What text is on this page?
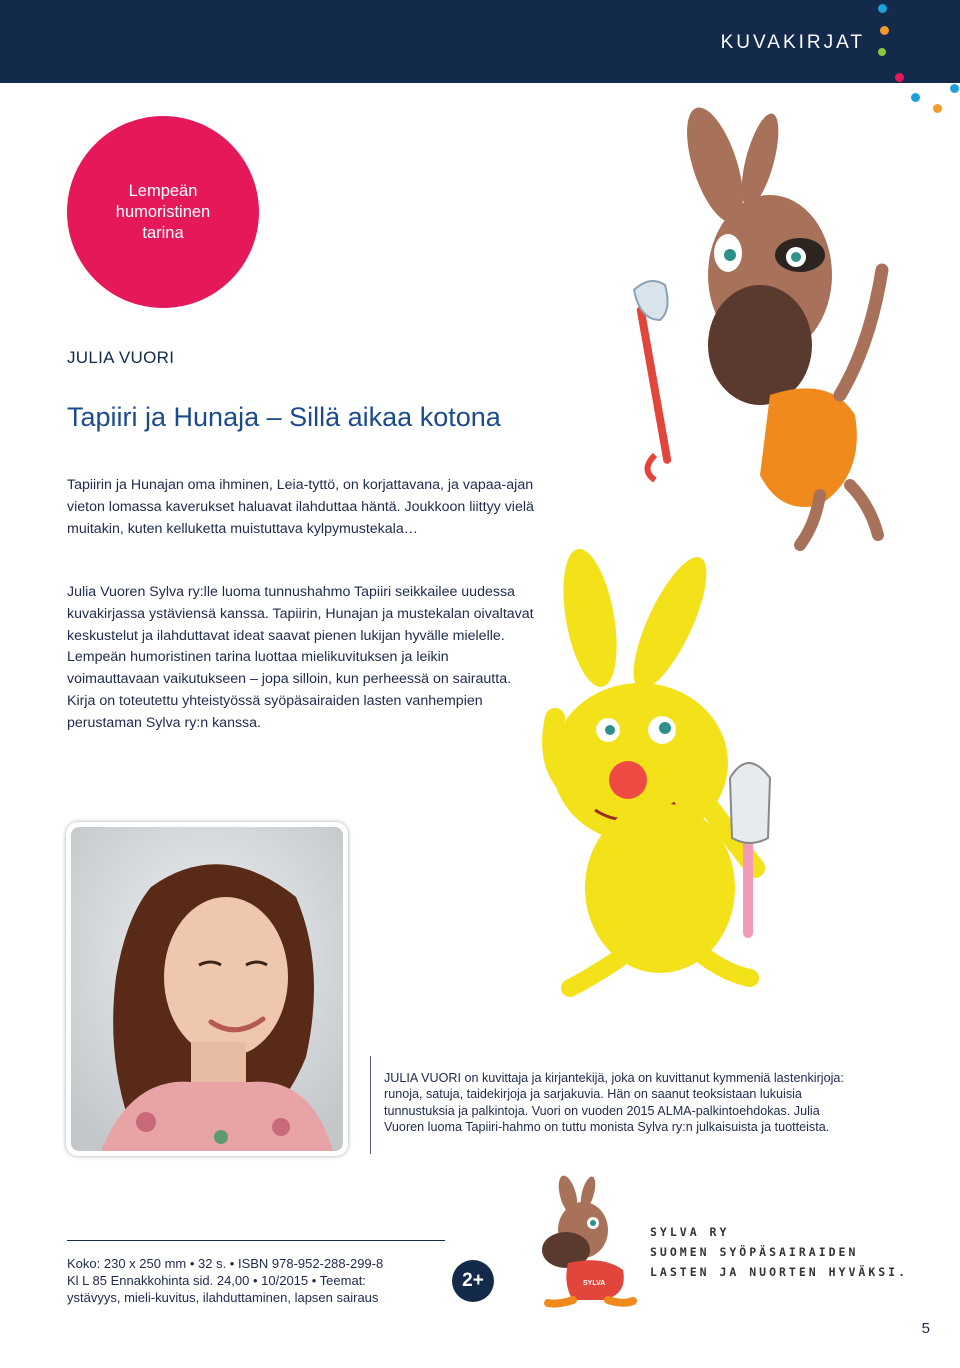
KUVAKIRJAT
Lempeän humoristinen tarina
JULIA VUORI
Tapiiri ja Hunaja – Sillä aikaa kotona

Tapiirin ja Hunajan oma ihminen, Leia-tyttö, on korjattavana, ja vapaa-ajan vieton lomassa kaverukset haluavat ilahduttaa häntä. Joukkoon liittyy vielä muitakin, kuten kelluketta muistuttava kylpymustekala…

Julia Vuoren Sylva ry:lle luoma tunnushahmo Tapiiri seikkailee uudessa kuvakirjassa ystäviensä kanssa. Tapiirin, Hunajan ja mustekalan oivaltavat keskustelut ja ilahduttavat ideat saavat pienen lukijan hyvälle mielelle. Lempeän humoristinen tarina luottaa mielikuvituksen ja leikin voimauttavaan vaikutukseen – jopa silloin, kun perheessä on sairautta. Kirja on toteutettu yhteistyössä syöpäsairaiden lasten vanhempien perustaman Sylva ry:n kanssa.

JULIA VUORI on kuvittaja ja kirjantekijä, joka on kuvittanut kymmeniä lastenkirjoja: runoja, satuja, taidekirjoja ja sarjakuvia. Hän on saanut teoksistaan lukuisia tunnustuksia ja palkintoja. Vuori on vuoden 2015 ALMA-palkintoehdokas. Julia Vuoren luoma Tapiiri-hahmo on tuttu monista Sylva ry:n julkaisuista ja tuotteista.

Koko: 230 x 250 mm • 32 s. • ISBN 978-952-288-299-8

Kl L 85 Ennakkohinta sid. 24,00 • 10/2015 • Teemat:

ystävyys, mieli-kuvitus, ilahduttaminen, lapsen sairaus

2+	SYLVA
SYLVA RY
SUOMEN SYÖPÄSAIRAIDEN
LASTEN JA NUORTEN HYVÄKSI.
5
